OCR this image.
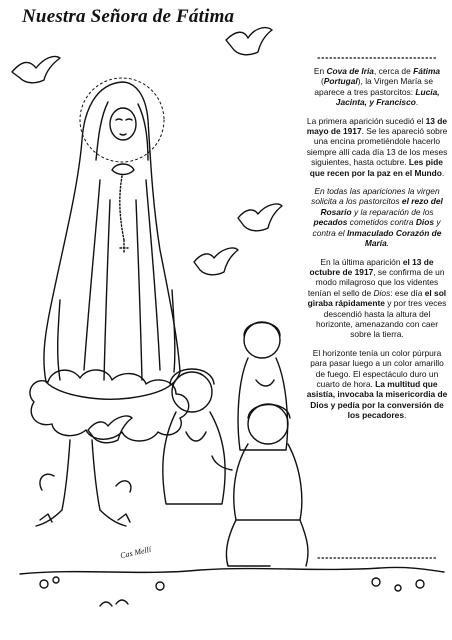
Nuestra Señora de Fátima
Cas Mellí

En Cova de Iria, cerca de Fátima (Portugal), la Virgen María se aparece a tres pastorcitos: Lucia, Jacinta, y Francisco.

La primera aparición sucedió el 13 de mayo de 1917. Se les apareció sobre una encina prometiéndole hacerlo siempre allí cada día 13 de los meses siguientes, hasta octubre. Les pide que recen por la paz en el Mundo.

En todas las apariciones la virgen solicita a los pastorcitos el rezo del Rosario y la reparación de los pecados cometidos contra Dios y contra el Inmaculado Corazón de María.

En la última aparición el 13 de octubre de 1917, se confirma de un modo milagroso que los videntes tenían el sello de Dios: ese día el sol giraba rápidamente y por tres veces descendió hasta la altura del horizonte, amenazando con caer sobre la tierra.

El horizonte tenía un color púrpura para pasar luego a un color amarillo de fuego. El espectáculo duro un cuarto de hora. La multitud que asistía, invocaba la misericordia de Dios y pedía por la conversión de los pecadores.
